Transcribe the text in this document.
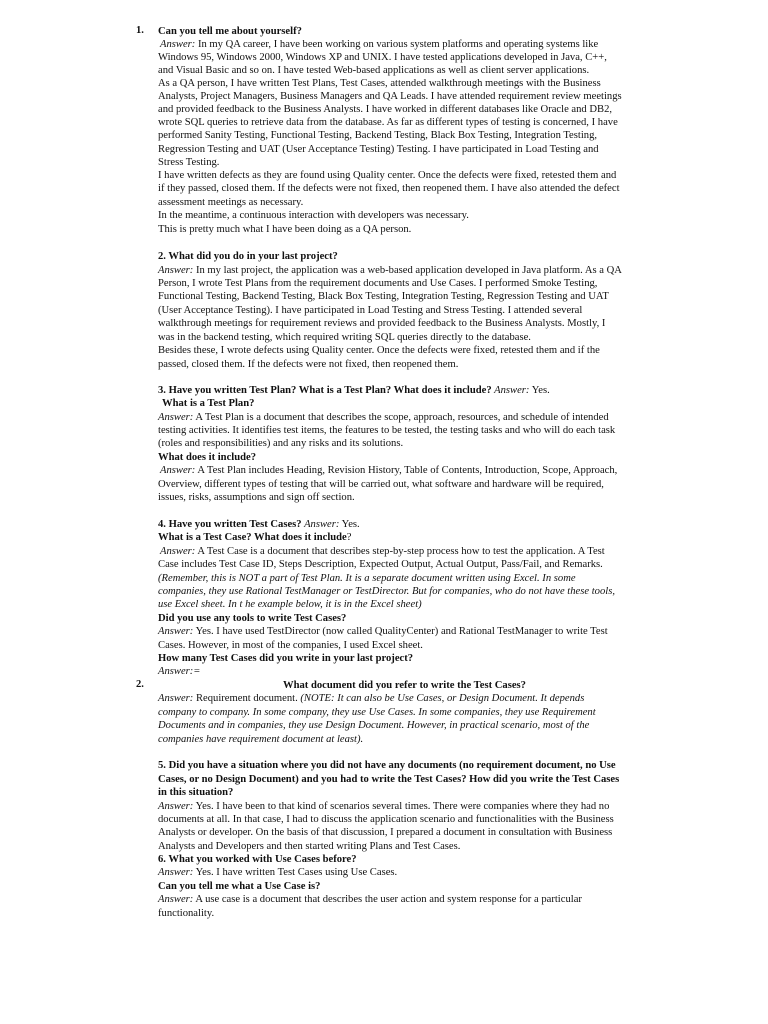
1. Can you tell me about yourself?
Answer: In my QA career, I have been working on various system platforms and operating systems like
Windows 95, Windows 2000, Windows XP and UNIX. I have tested applications developed in Java, C++,
and Visual Basic and so on. I have tested Web-based applications as well as client server applications.
As a QA person, I have written Test Plans, Test Cases, attended walkthrough meetings with the Business
Analysts, Project Managers, Business Managers and QA Leads. I have attended requirement review meetings
and provided feedback to the Business Analysts. I have worked in different databases like Oracle and DB2,
wrote SQL queries to retrieve data from the database. As far as different types of testing is concerned, I have
performed Sanity Testing, Functional Testing, Backend Testing, Black Box Testing, Integration Testing,
Regression Testing and UAT (User Acceptance Testing) Testing. I have participated in Load Testing and
Stress Testing.
I have written defects as they are found using Quality center. Once the defects were fixed, retested them and
if they passed, closed them. If the defects were not fixed, then reopened them. I have also attended the defect
assessment meetings as necessary.
In the meantime, a continuous interaction with developers was necessary.
This is pretty much what I have been doing as a QA person.
2. What did you do in your last project?
Answer: In my last project, the application was a web-based application developed in Java platform. As a QA
Person, I wrote Test Plans from the requirement documents and Use Cases. I performed Smoke Testing,
Functional Testing, Backend Testing, Black Box Testing, Integration Testing, Regression Testing and UAT
(User Acceptance Testing). I have participated in Load Testing and Stress Testing. I attended several
walkthrough meetings for requirement reviews and provided feedback to the Business Analysts. Mostly, I
was in the backend testing, which required writing SQL queries directly to the database.
Besides these, I wrote defects using Quality center. Once the defects were fixed, retested them and if the
passed, closed them. If the defects were not fixed, then reopened them.
3. Have you written Test Plan? What is a Test Plan? What does it include? Answer: Yes.
What is a Test Plan?
Answer: A Test Plan is a document that describes the scope, approach, resources, and schedule of intended
testing activities. It identifies test items, the features to be tested, the testing tasks and who will do each task
(roles and responsibilities) and any risks and its solutions.
What does it include?
Answer: A Test Plan includes Heading, Revision History, Table of Contents, Introduction, Scope, Approach,
Overview, different types of testing that will be carried out, what software and hardware will be required,
issues, risks, assumptions and sign off section.
4. Have you written Test Cases? Answer: Yes.
What is a Test Case? What does it include?
Answer: A Test Case is a document that describes step-by-step process how to test the application. A Test
Case includes Test Case ID, Steps Description, Expected Output, Actual Output, Pass/Fail, and Remarks.
(Remember, this is NOT a part of Test Plan. It is a separate document written using Excel. In some
companies, they use Rational TestManager or TestDirector. But for companies, who do not have these tools,
use Excel sheet. In t he example below, it is in the Excel sheet)
Did you use any tools to write Test Cases?
Answer: Yes. I have used TestDirector (now called QualityCenter) and Rational TestManager to write Test
Cases. However, in most of the companies, I used Excel sheet.
How many Test Cases did you write in your last project?
Answer:=
2.	What document did you refer to write the Test Cases?
Answer: Requirement document. (NOTE: It can also be Use Cases, or Design Document. It depends
company to company. In some company, they use Use Cases. In some companies, they use Requirement
Documents and in companies, they use Design Document. However, in practical scenario, most of the
companies have requirement document at least).
5. Did you have a situation where you did not have any documents (no requirement document, no Use
Cases, or no Design Document) and you had to write the Test Cases? How did you write the Test Cases
in this situation?
Answer: Yes. I have been to that kind of scenarios several times. There were companies where they had no
documents at all. In that case, I had to discuss the application scenario and functionalities with the Business
Analysts or developer. On the basis of that discussion, I prepared a document in consultation with Business
Analysts and Developers and then started writing Plans and Test Cases.
6. What you worked with Use Cases before?
Answer: Yes. I have written Test Cases using Use Cases.
Can you tell me what a Use Case is?
Answer: A use case is a document that describes the user action and system response for a particular
functionality.
